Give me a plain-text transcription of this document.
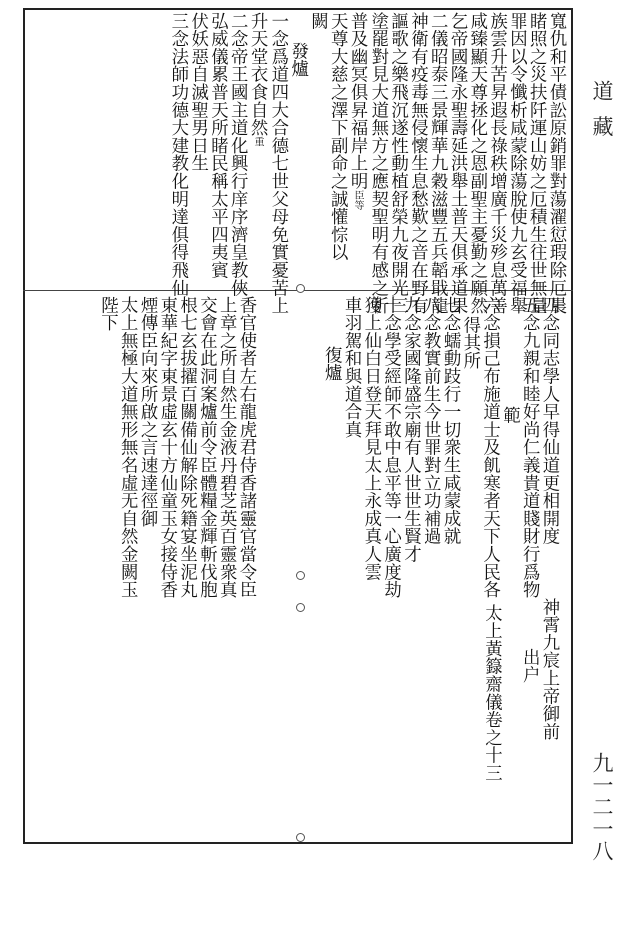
道 藏
九一二一八
寬仇和平債訟原銷罪對蕩濯愆瑕除厄晨
睹照之災扶阡運山妨之厄積生往世無量
罪因以令懺析咸蒙除蕩脫使九玄受福舉
族雲升苦昇遐長祿秩增廣千災殄息萬善
咸臻顯天尊拯化之恩副聖主憂勤之願然
乞帝國隆永聖壽延洪舉土普天俱承道果
二儀昭泰三景輝華九穀滋豐五兵韜戢龍
神衛有疫毒無侵懷生息愁歎之音在野有
謳歌之樂飛沉遂性動植舒榮九夜開光三
塗罷對見大道無方之應契聖明有感之祈
普及幽冥俱昇福岸上明臣等
天尊大慈之澤下副命之誠懽悰以
闕
發爐
一念爲道四大合德七世父母免實憂苦上
升天堂衣食自然重
二念帝王國主道化興行庠序濟皇教俠
弘威儀累普天所睹民稱太平四夷賓
伏妖惡自滅聖男日生
三念法師功德大建教化明達俱得飛仙
四念同志學人早得仙道更相開度
五念九親和睦好尚仁義貴道賤財行爲物
範
六念損己布施道士及飢寒者天下人民各
得其所
七念蠕動跂行一切衆生咸蒙成就
八念教實前生今世罪對立功補過
九念家國隆盛宗廟有人世世生賢才
十念學受經師不敢中息平等一心廣度劫
獲上仙白日登天拜見太上永成真人雲
車羽駕和與道合真
復爐
香官使者左右龍虎君侍香諸靈官當令臣
上章之所自然生金液丹碧芝英百靈衆真
交會在此洞案爐前令臣體糧金輝斬伐胞
根七玄拔擢百關備仙解除死籍宴坐泥丸
東華紀字東景虛玄十方仙童玉女接侍香
煙傳臣向來所啟之言速達徑御
太上無極大道無形無名虛无自然金闕玉
陛下
神霄九宸上帝御前
出户
太上黃籙齋儀卷之十三
